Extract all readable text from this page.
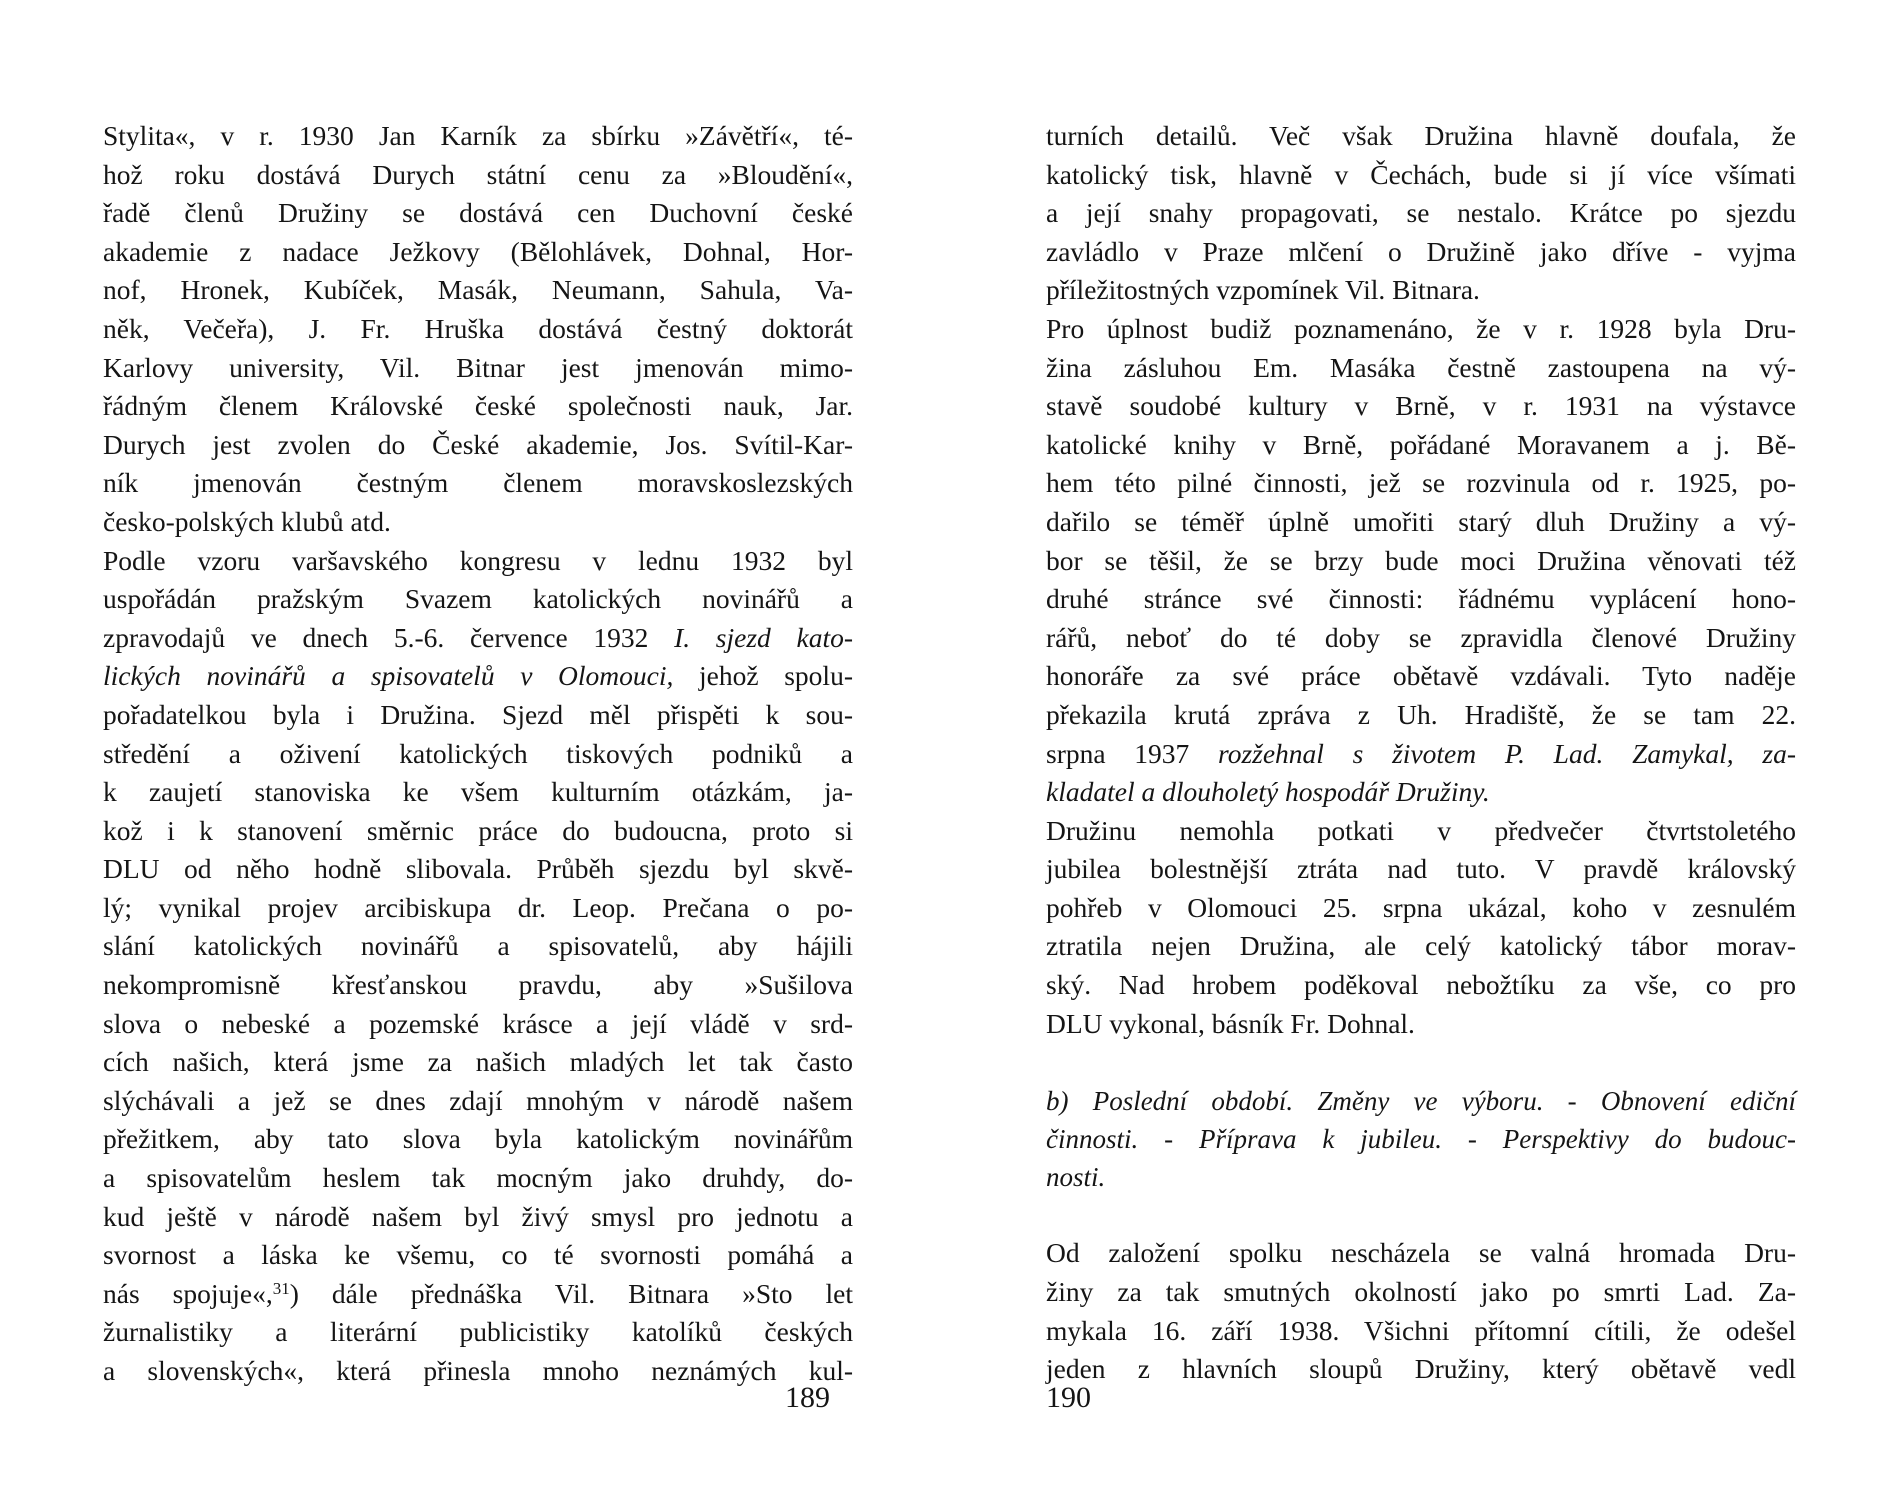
Stylita«, v r. 1930 Jan Karník za sbírku »Závětří«, té-
hož roku dostává Durych státní cenu za »Bloudění«,
řadě členů Družiny se dostává cen Duchovní české
akademie z nadace Ježkovy (Bělohlávek, Dohnal, Hor-
nof, Hronek, Kubíček, Masák, Neumann, Sahula, Va-
něk, Večeřa), J. Fr. Hruška dostává čestný doktorát
Karlovy university, Vil. Bitnar jest jmenován mimo-
řádným členem Královské české společnosti nauk, Jar.
Durych jest zvolen do České akademie, Jos. Svítil-Kar-
ník jmenován čestným členem moravskoslezských
česko-polských klubů atd.
Podle vzoru varšavského kongresu v lednu 1932 byl
uspořádán pražským Svazem katolických novinářů a
zpravodajů ve dnech 5.-6. července 1932 I. sjezd kato-
lických novinářů a spisovatelů v Olomouci, jehož spolu-
pořadatelkou byla i Družina. Sjezd měl přispěti k sou-
středění a oživení katolických tiskových podniků a
k zaujetí stanoviska ke všem kulturním otázkám, ja-
kož i k stanovení směrnic práce do budoucna, proto si
DLU od něho hodně slibovala. Průběh sjezdu byl skvě-
lý; vynikal projev arcibiskupa dr. Leop. Prečana o po-
slání katolických novinářů a spisovatelů, aby hájili
nekompromisně křesťanskou pravdu, aby »Sušilova
slova o nebeské a pozemské krásce a její vládě v srd-
cích našich, která jsme za našich mladých let tak často
slýchávali a jež se dnes zdají mnohým v národě našem
přežitkem, aby tato slova byla katolickým novinářům
a spisovatelům heslem tak mocným jako druhdy, do-
kud ještě v národě našem byl živý smysl pro jednotu a
svornost a láska ke všemu, co té svornosti pomáhá a
nás spojuje«,$^{31}$) dále přednáška Vil. Bitnara »Sto let
žurnalistiky a literární publicistiky katolíků českých
a slovenských«, která přinesla mnoho neznámých kul-
189
turních detailů. Več však Družina hlavně doufala, že
katolický tisk, hlavně v Čechách, bude si jí více všímati
a její snahy propagovati, se nestalo. Krátce po sjezdu
zavládlo v Praze mlčení o Družině jako dříve - vyjma
příležitostných vzpomínek Vil. Bitnara.
Pro úplnost budiž poznamenáno, že v r. 1928 byla Dru-
žina zásluhou Em. Masáka čestně zastoupena na vý-
stavě soudobé kultury v Brně, v r. 1931 na výstavce
katolické knihy v Brně, pořádané Moravanem a j. Bě-
hem této pilné činnosti, jež se rozvinula od r. 1925, po-
dařilo se téměř úplně umořiti starý dluh Družiny a vý-
bor se těšil, že se brzy bude moci Družina věnovati též
druhé stránce své činnosti: řádnému vyplácení hono-
rářů, neboť do té doby se zpravidla členové Družiny
honoráře za své práce obětavě vzdávali. Tyto naděje
překazila krutá zpráva z Uh. Hradiště, že se tam 22.
srpna 1937 rozžehnal s životem P. Lad. Zamykal, za-
kladatel a dlouholetý hospodář Družiny.
Družinu nemohla potkati v předvečer čtvrtstoletého
jubilea bolestnější ztráta nad tuto. V pravdě královský
pohřeb v Olomouci 25. srpna ukázal, koho v zesnulém
ztratila nejen Družina, ale celý katolický tábor morav-
ský. Nad hrobem poděkoval nebožtíku za vše, co pro
DLU vykonal, básník Fr. Dohnal.
b) Poslední období. Změny ve výboru. - Obnovení ediční
činnosti. - Příprava k jubileu. - Perspektivy do budouc-
nosti.
Od založení spolku nescházela se valná hromada Dru-
žiny za tak smutných okolností jako po smrti Lad. Za-
mykala 16. září 1938. Všichni přítomní cítili, že odešel
jeden z hlavních sloupů Družiny, který obětavě vedl
190
